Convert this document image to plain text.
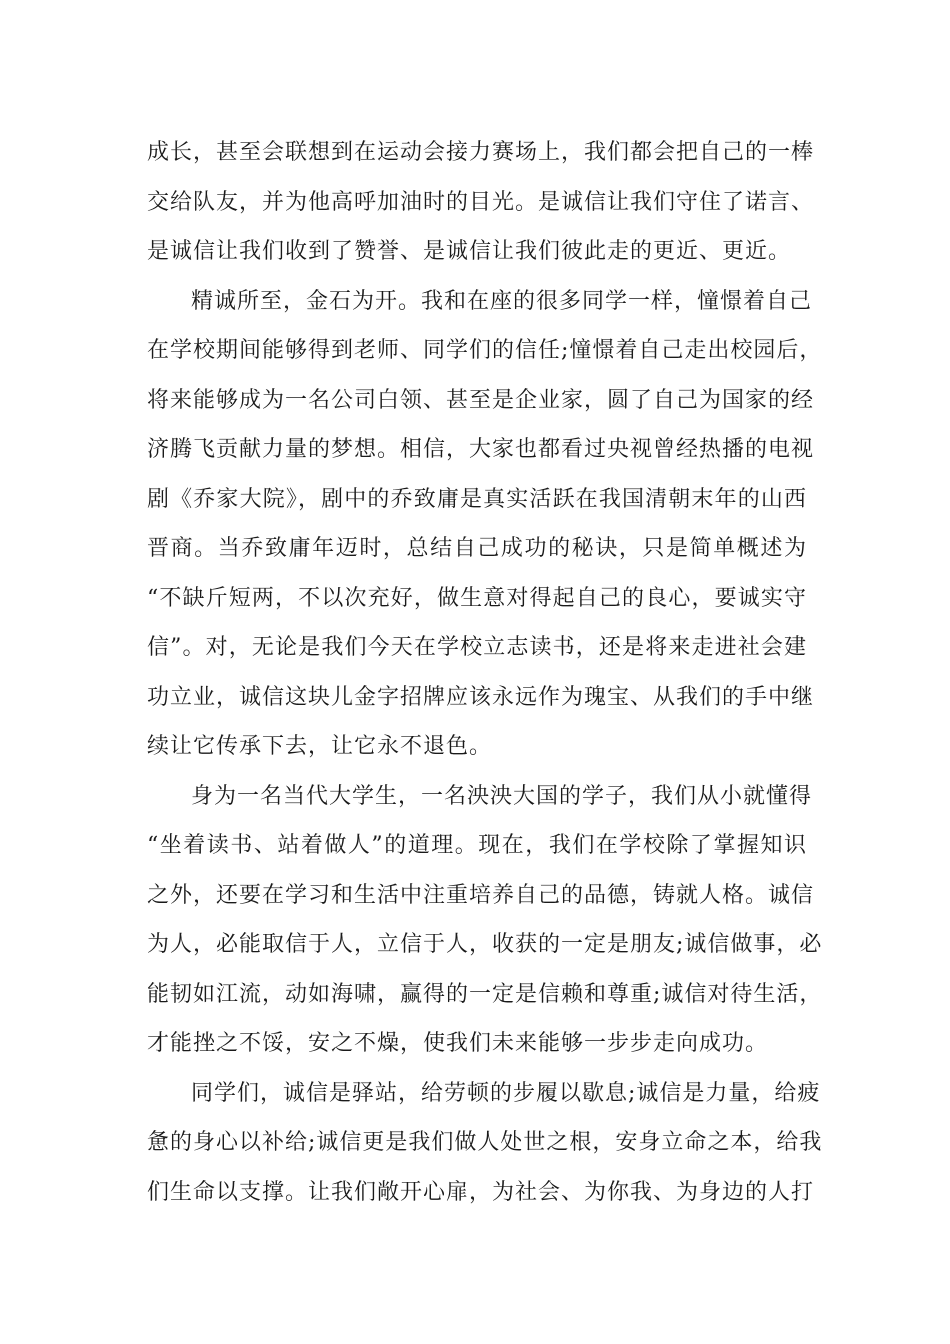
成长，甚至会联想到在运动会接力赛场上，我们都会把自己的一棒
交给队友，并为他高呼加油时的目光。是诚信让我们守住了诺言、
是诚信让我们收到了赞誉、是诚信让我们彼此走的更近、更近。
精诚所至，金石为开。我和在座的很多同学一样，憧憬着自己
在学校期间能够得到老师、同学们的信任;憧憬着自己走出校园后，
将来能够成为一名公司白领、甚至是企业家，圆了自己为国家的经
济腾飞贡献力量的梦想。相信，大家也都看过央视曾经热播的电视
剧《乔家大院》，剧中的乔致庸是真实活跃在我国清朝末年的山西
晋商。当乔致庸年迈时，总结自己成功的秘诀，只是简单概述为
“不缺斤短两，不以次充好，做生意对得起自己的良心，要诚实守
信”。对，无论是我们今天在学校立志读书，还是将来走进社会建
功立业，诚信这块儿金字招牌应该永远作为瑰宝、从我们的手中继
续让它传承下去，让它永不退色。
身为一名当代大学生，一名泱泱大国的学子，我们从小就懂得
“坐着读书、站着做人”的道理。现在，我们在学校除了掌握知识
之外，还要在学习和生活中注重培养自己的品德，铸就人格。诚信
为人，必能取信于人，立信于人，收获的一定是朋友;诚信做事，必
能韧如江流，动如海啸，赢得的一定是信赖和尊重;诚信对待生活，
才能挫之不馁，安之不燥，使我们未来能够一步步走向成功。
同学们，诚信是驿站，给劳顿的步履以歇息;诚信是力量，给疲
惫的身心以补给;诚信更是我们做人处世之根，安身立命之本，给我
们生命以支撑。让我们敞开心扉，为社会、为你我、为身边的人打
